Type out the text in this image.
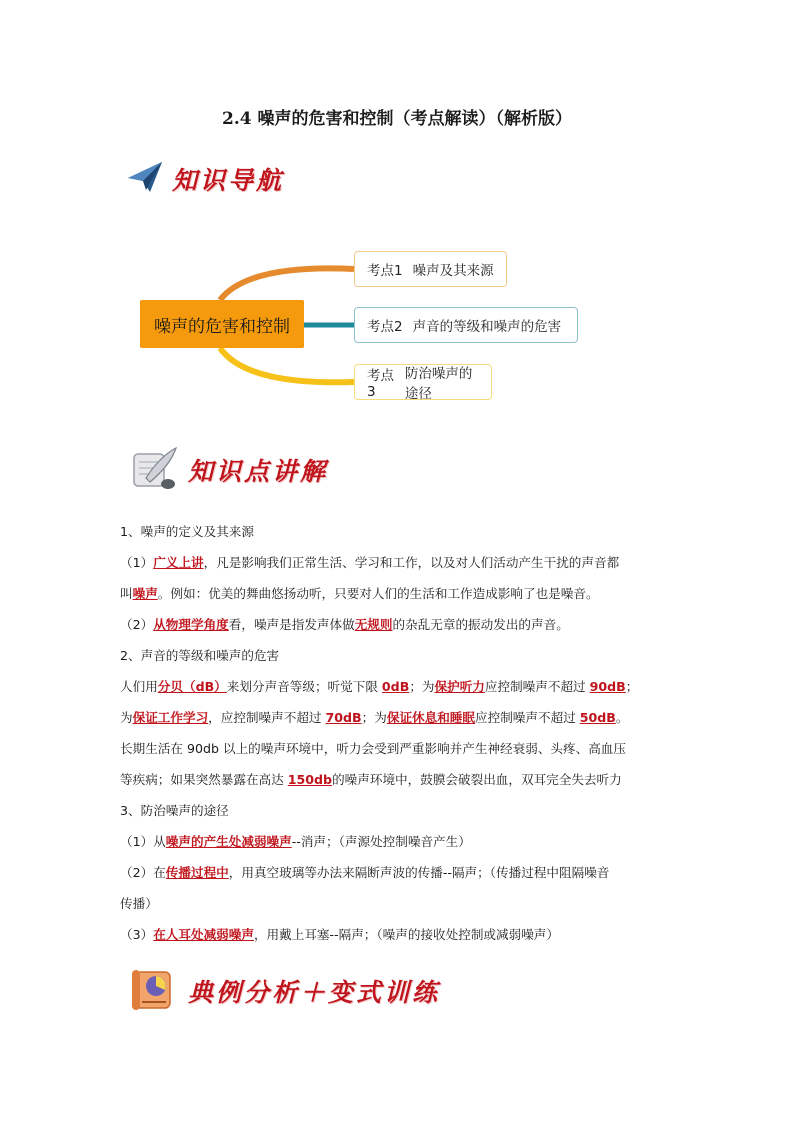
2.4 噪声的危害和控制（考点解读）（解析版）
知识导航
噪声的危害和控制
考点1 噪声及其来源
考点2 声音的等级和噪声的危害
考点3
防治噪声的途径
知识点讲解

1、噪声的定义及其来源

（1）广义上讲，凡是影响我们正常生活、学习和工作，以及对人们活动产生干扰的声音都

叫噪声。例如：优美的舞曲悠扬动听，只要对人们的生活和工作造成影响了也是噪音。

（2）从物理学角度看，噪声是指发声体做无规则的杂乱无章的振动发出的声音。

2、声音的等级和噪声的危害

人们用分贝（dB）来划分声音等级；听觉下限 0dB；为保护听力应控制噪声不超过 90dB；

为保证工作学习，应控制噪声不超过 70dB；为保证休息和睡眠应控制噪声不超过 50dB。

长期生活在 90db 以上的噪声环境中，听力会受到严重影响并产生神经衰弱、头疼、高血压

等疾病；如果突然暴露在高达 150db的噪声环境中，鼓膜会破裂出血，双耳完全失去听力

3、防治噪声的途径

（1）从噪声的产生处减弱噪声--消声；（声源处控制噪音产生）

（2）在传播过程中，用真空玻璃等办法来隔断声波的传播--隔声；（传播过程中阻隔噪音

传播）

（3）在人耳处减弱噪声，用戴上耳塞--隔声；（噪声的接收处控制或减弱噪声）

典例分析＋变式训练
